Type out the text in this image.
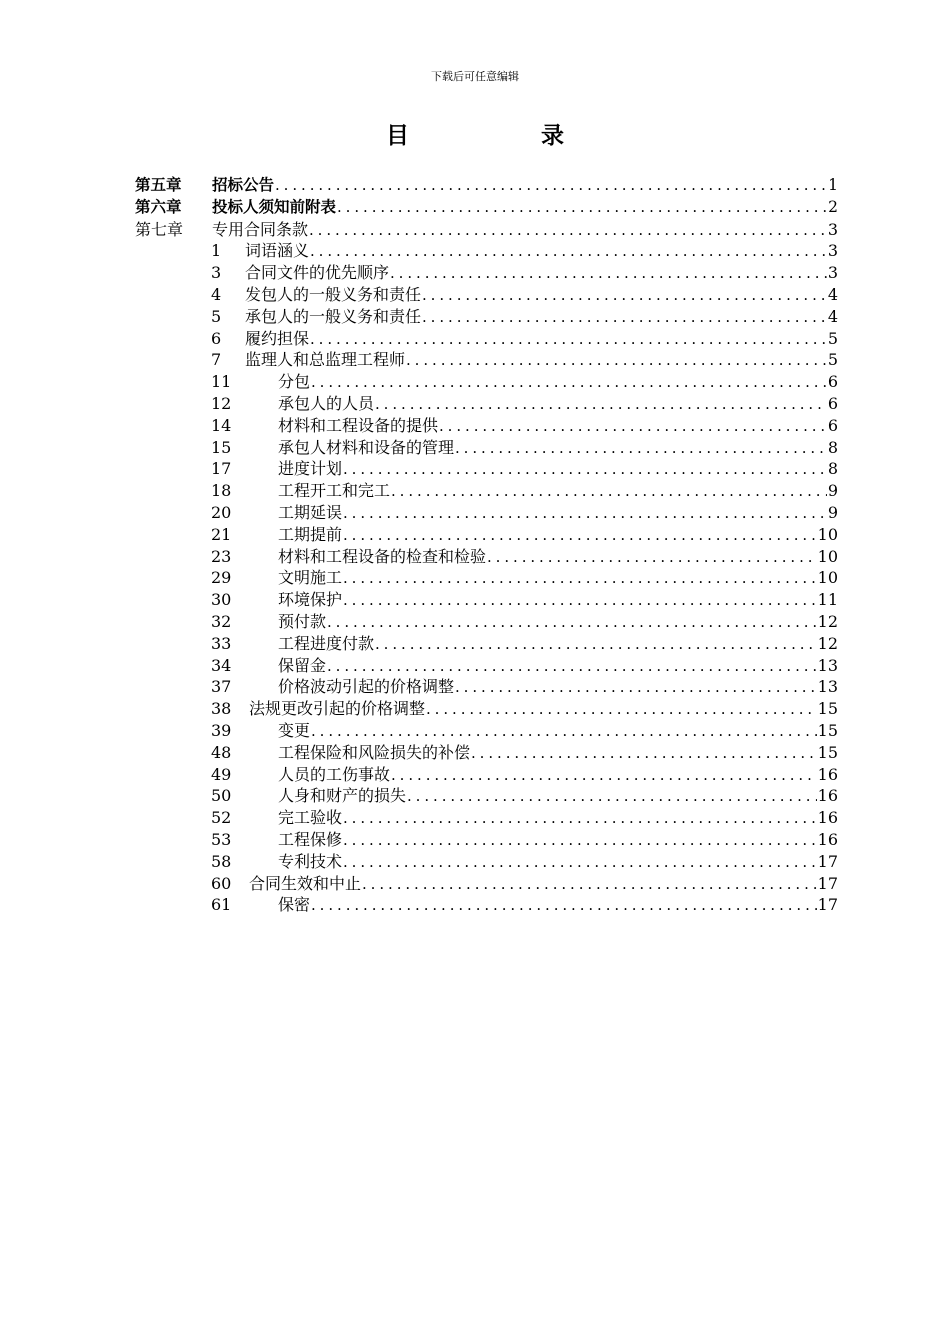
下载后可任意编辑
目 录
第五章	招标公告 .....	1
第六章	投标人须知前附表 .....	2
第七章	专用合同条款 .....	3
1	词语涵义 .....	3
3	合同文件的优先顺序 .....	3
4	发包人的一般义务和责任 .....	4
5	承包人的一般义务和责任 .....	4
6	履约担保 .....	5
7	监理人和总监理工程师 .....	5
11	分包 .....	6
12	承包人的人员 .....	6
14	材料和工程设备的提供 .....	6
15	承包人材料和设备的管理 .....	8
17	进度计划 .....	8
18	工程开工和完工 .....	9
20	工期延误 .....	9
21	工期提前 .....	10
23	材料和工程设备的检查和检验 .....	10
29	文明施工 .....	10
30	环境保护 .....	11
32	预付款 .....	12
33	工程进度付款 .....	12
34	保留金 .....	13
37	价格波动引起的价格调整 .....	13
38	法规更改引起的价格调整 .....	15
39	变更 .....	15
48	工程保险和风险损失的补偿 .....	15
49	人员的工伤事故 .....	16
50	人身和财产的损失 .....	16
52	完工验收 .....	16
53	工程保修 .....	16
58	专利技术 .....	17
60	合同生效和中止 .....	17
61	保密 .....	17
